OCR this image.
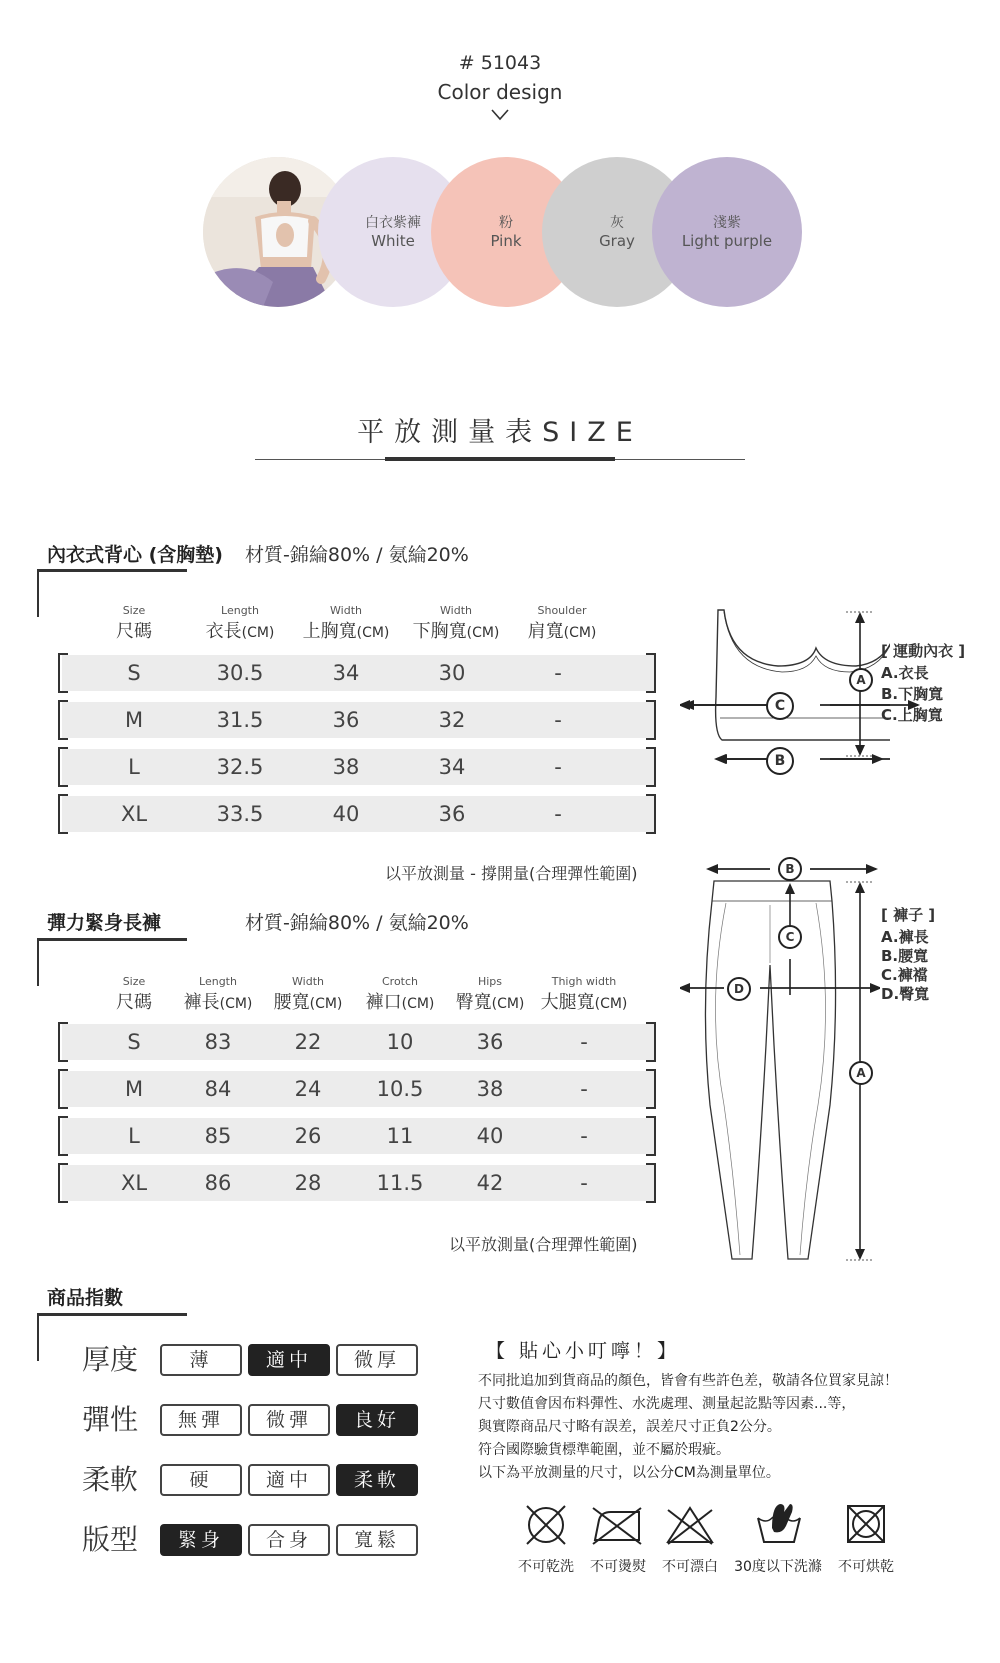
# 51043
Color design
白衣紫褲
White
粉
Pink
灰
Gray
淺紫
Light purple
平放測量表SIZE
內衣式背心 (含胸墊) 材質-錦綸80% / 氨綸20%
Size
尺碼
Length
衣長(CM)
Width
上胸寬(CM)
Width
下胸寬(CM)
Shoulder
肩寬(CM)
S	30.5	34	30	-
M	31.5	36	32	-
L	32.5	38	34	-
XL	33.5	40	36	-
以平放測量 - 撐開量(合理彈性範圍)
C
B
A
[ 運動內衣 ]
A.衣長
B.下胸寬
C.上胸寬
彈力緊身長褲	材質-錦綸80% / 氨綸20%
Size
尺碼
Length
褲長(CM)
Width
腰寬(CM)
Crotch
褲口(CM)
Hips
臀寬(CM)
Thigh width
大腿寬(CM)
S	83	22	10	36	-
M	84	24	10.5	38	-
L	85	26	11	40	-
XL	86	28	11.5	42	-
以平放測量(合理彈性範圍)
B
C
D
A
[ 褲子 ]
A.褲長
B.腰寬
C.褲襠
D.臀寬
商品指數
厚度	薄	適中	微厚
彈性	無彈	微彈	良好
柔軟	硬	適中	柔軟
版型	緊身	合身	寬鬆
【 貼心小叮嚀！】
不同批追加到貨商品的顏色，皆會有些許色差，敬請各位買家見諒！
尺寸數值會因布料彈性、水洗處理、測量起訖點等因素...等，
與實際商品尺寸略有誤差，誤差尺寸正負2公分。
符合國際驗貨標準範圍，並不屬於瑕疵。
以下為平放測量的尺寸，以公分CM為測量單位。
不可乾洗	不可燙熨	不可漂白	30度以下洗滌	不可烘乾
